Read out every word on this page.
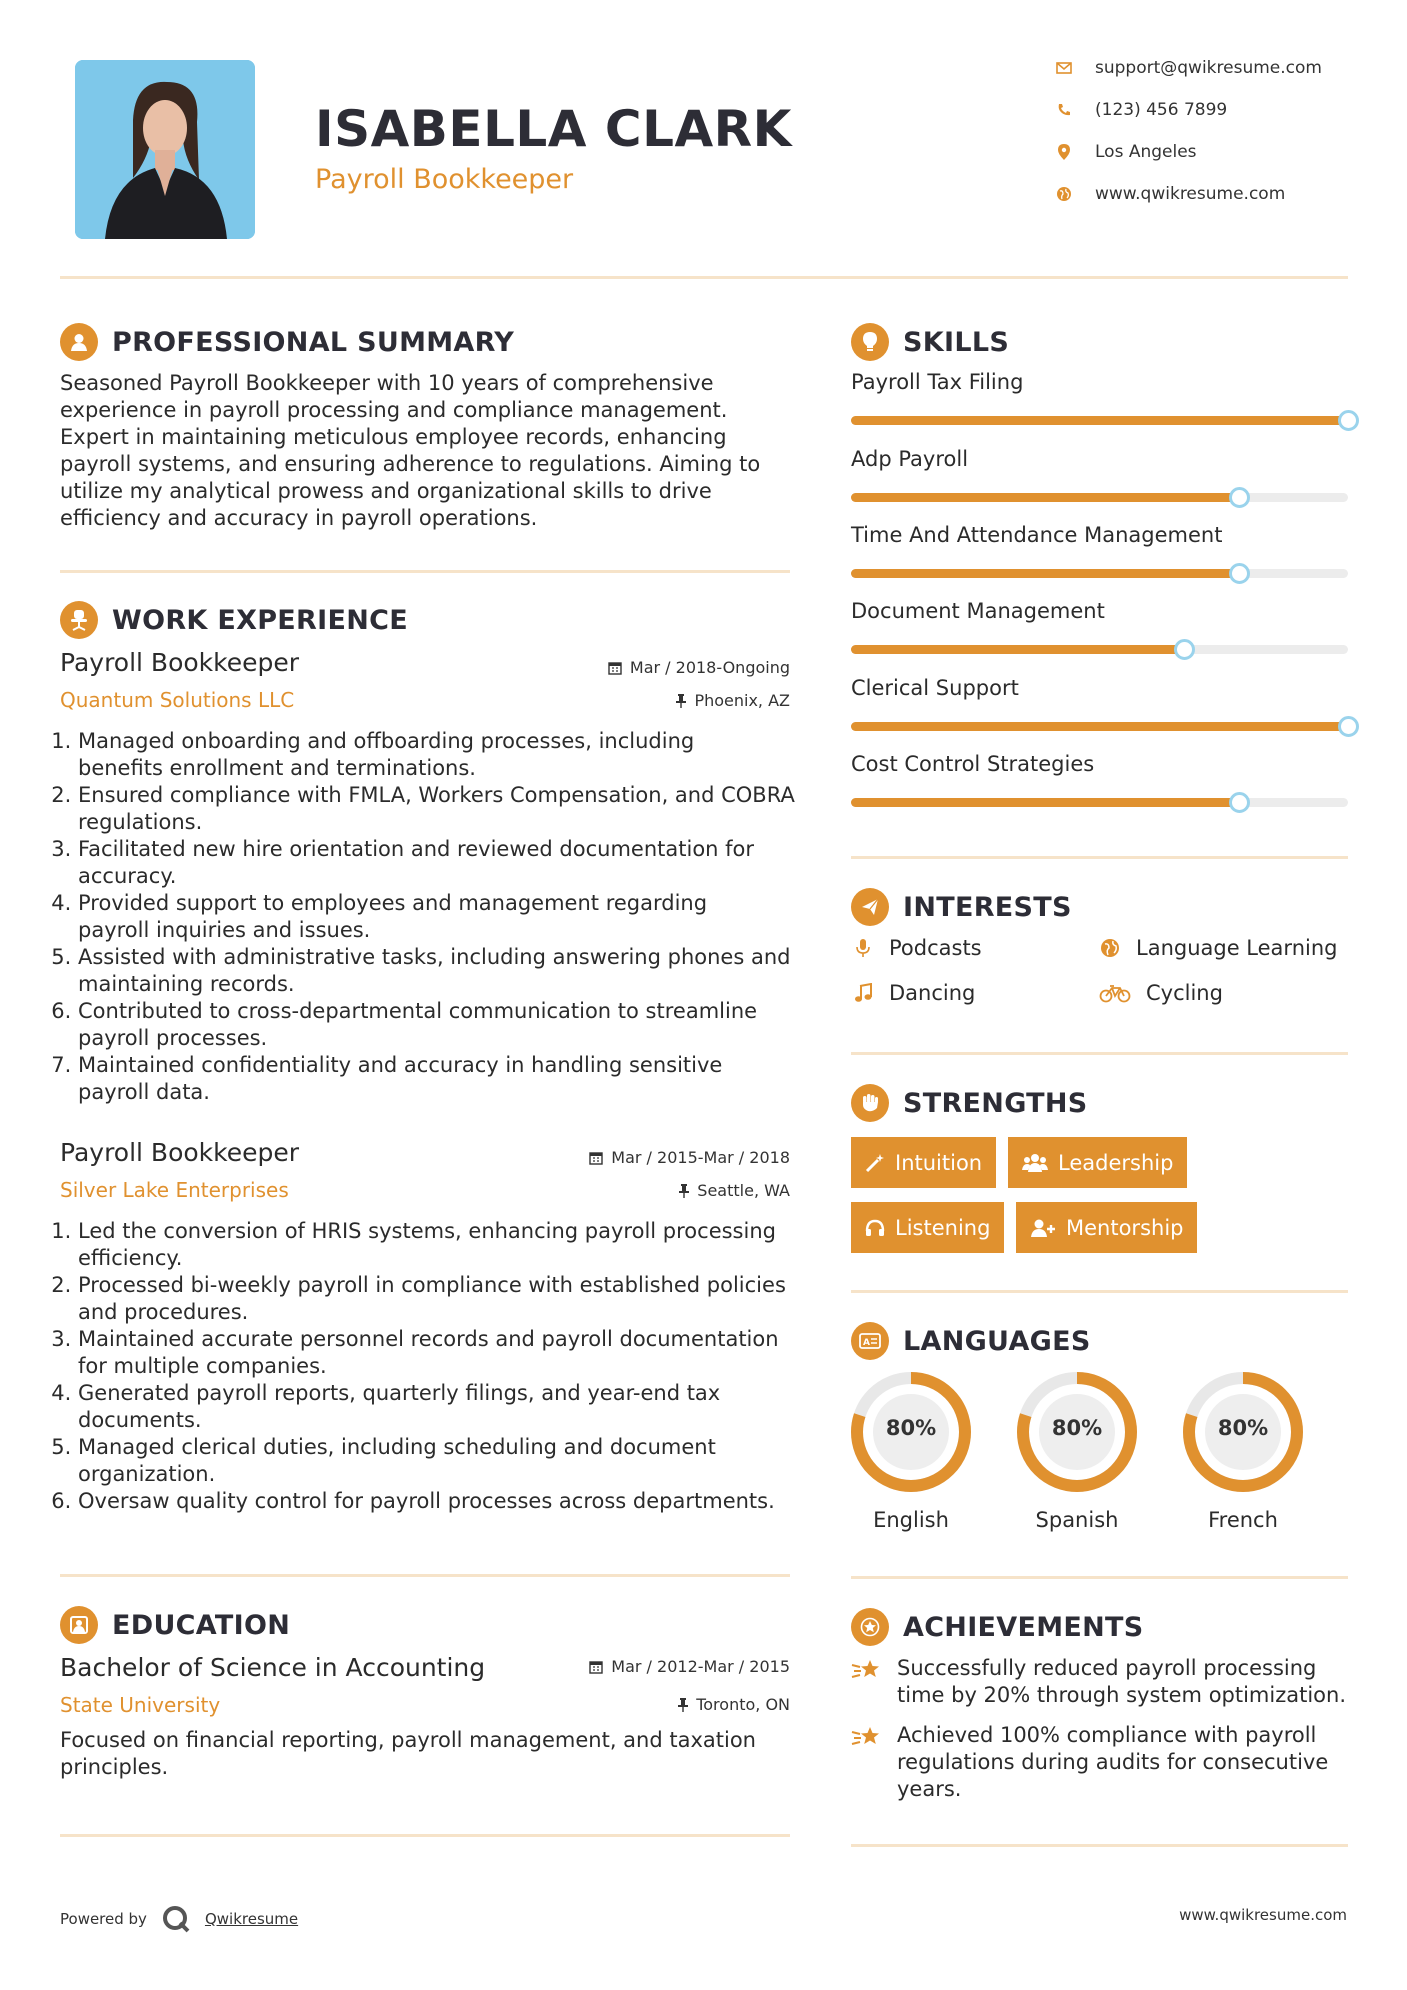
ISABELLA CLARK
Payroll Bookkeeper
support@qwikresume.com
(123) 456 7899
Los Angeles
www.qwikresume.com
PROFESSIONAL SUMMARY
Seasoned Payroll Bookkeeper with 10 years of comprehensive
experience in payroll processing and compliance management.
Expert in maintaining meticulous employee records, enhancing
payroll systems, and ensuring adherence to regulations. Aiming to
utilize my analytical prowess and organizational skills to drive
efficiency and accuracy in payroll operations.
WORK EXPERIENCE
Payroll Bookkeeper
Quantum Solutions LLC
Mar / 2018-Ongoing
Phoenix, AZ
1. Managed onboarding and offboarding processes, including
benefits enrollment and terminations.
2. Ensured compliance with FMLA, Workers Compensation, and COBRA
regulations.
3. Facilitated new hire orientation and reviewed documentation for
accuracy.
4. Provided support to employees and management regarding
payroll inquiries and issues.
5. Assisted with administrative tasks, including answering phones and
maintaining records.
6. Contributed to cross-departmental communication to streamline
payroll processes.
7. Maintained confidentiality and accuracy in handling sensitive
payroll data.
Payroll Bookkeeper
Silver Lake Enterprises
Mar / 2015-Mar / 2018
Seattle, WA
1. Led the conversion of HRIS systems, enhancing payroll processing
efficiency.
2. Processed bi-weekly payroll in compliance with established policies
and procedures.
3. Maintained accurate personnel records and payroll documentation
for multiple companies.
4. Generated payroll reports, quarterly filings, and year-end tax
documents.
5. Managed clerical duties, including scheduling and document
organization.
6. Oversaw quality control for payroll processes across departments.
EDUCATION
Bachelor of Science in Accounting
State University
Mar / 2012-Mar / 2015
Toronto, ON
Focused on financial reporting, payroll management, and taxation
principles.
SKILLS
Payroll Tax Filing
Adp Payroll
Time And Attendance Management
Document Management
Clerical Support
Cost Control Strategies
INTERESTS
Podcasts	Language Learning
Dancing	Cycling
STRENGTHS
Intuition	Leadership
Listening	Mentorship
A LANGUAGES
80%
English
80%
Spanish
80%
French
ACHIEVEMENTS
Successfully reduced payroll processing
time by 20% through system optimization.
Achieved 100% compliance with payroll
regulations during audits for consecutive
years.
Powered by	Qwikresume	www.qwikresume.com
